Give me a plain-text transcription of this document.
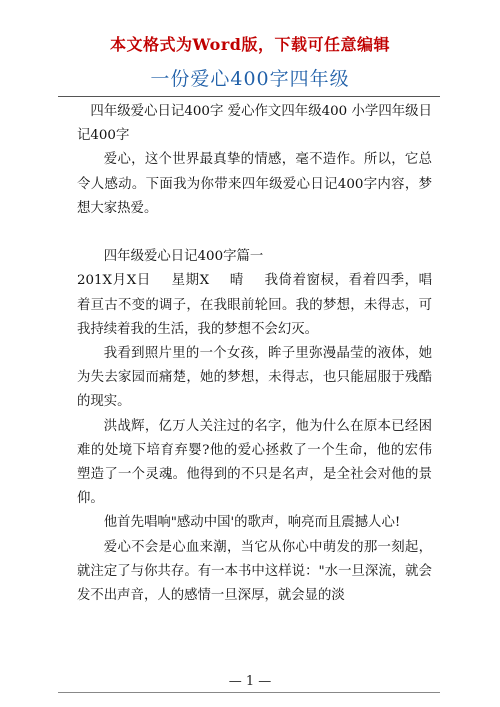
本文格式为Word版，下载可任意编辑
一份爱心400字四年级

四年级爱心日记400字 爱心作文四年级400 小学四年级日记400字

爱心，这个世界最真挚的情感，毫不造作。所以，它总令人感动。下面我为你带来四年级爱心日记400字内容，梦想大家热爱。

四年级爱心日记400字篇一

201X月X日 星期X 晴 我倚着窗棂，看着四季，唱着亘古不变的调子，在我眼前轮回。我的梦想，未得志，可我持续着我的生活，我的梦想不会幻灭。

我看到照片里的一个女孩，眸子里弥漫晶莹的液体，她为失去家园而痛楚，她的梦想，未得志，也只能屈服于残酷的现实。

洪战辉，亿万人关注过的名字，他为什么在原本已经困难的处境下培育弃婴?他的爱心拯救了一个生命，他的宏伟塑造了一个灵魂。他得到的不只是名声，是全社会对他的景仰。

他首先唱响"感动中国'的歌声，响亮而且震撼人心!

爱心不会是心血来潮，当它从你心中萌发的那一刻起，就注定了与你共存。有一本书中这样说："水一旦深流，就会发不出声音，人的感情一旦深厚，就会显的淡

— 1 —
